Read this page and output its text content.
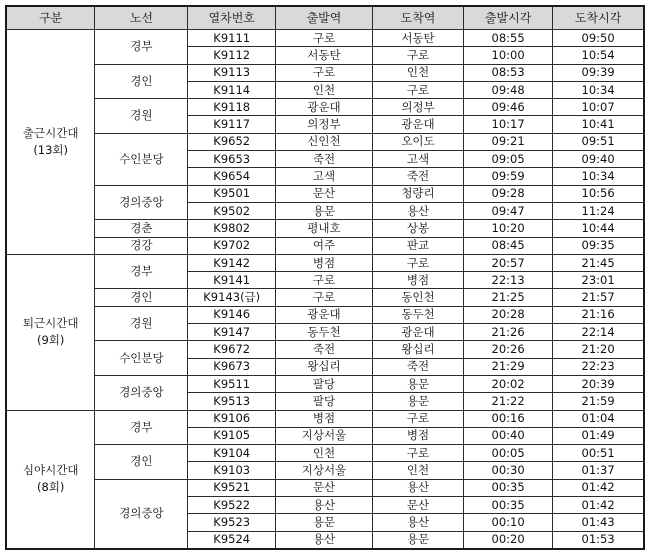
구분	노선	열차번호	출발역	도착역	출발시각	도착시각

출근시간대
(13회)	경부	K9111	구로	서동탄	08:55	09:50
		K9112	서동탄	구로	10:00	10:54
	경인	K9113	구로	인천	08:53	09:39
		K9114	인천	구로	09:48	10:34
	경원	K9118	광운대	의정부	09:46	10:07
		K9117	의정부	광운대	10:17	10:41
	수인분당	K9652	신인천	오이도	09:21	09:51
		K9653	죽전	고색	09:05	09:40
		K9654	고색	죽전	09:59	10:34
	경의중앙	K9501	문산	청량리	09:28	10:56
		K9502	용문	용산	09:47	11:24
	경춘	K9802	평내호	상봉	10:20	10:44
	경강	K9702	여주	판교	08:45	09:35

퇴근시간대
(9회)	경부	K9142	병점	구로	20:57	21:45
		K9141	구로	병점	22:13	23:01
	경인	K9143(급)	구로	동인천	21:25	21:57
	경원	K9146	광운대	동두천	20:28	21:16
		K9147	동두천	광운대	21:26	22:14
	수인분당	K9672	죽전	왕십리	20:26	21:20
		K9673	왕십리	죽전	21:29	22:23
	경의중앙	K9511	팔당	용문	20:02	20:39
		K9513	팔당	용문	21:22	21:59

심야시간대
(8회)	경부	K9106	병점	구로	00:16	01:04
		K9105	지상서울	병점	00:40	01:49
	경인	K9104	인천	구로	00:05	00:51
		K9103	지상서울	인천	00:30	01:37
	경의중앙	K9521	문산	용산	00:35	01:42
		K9522	용산	문산	00:35	01:42
		K9523	용문	용산	00:10	01:43
		K9524	용산	용문	00:20	01:53
